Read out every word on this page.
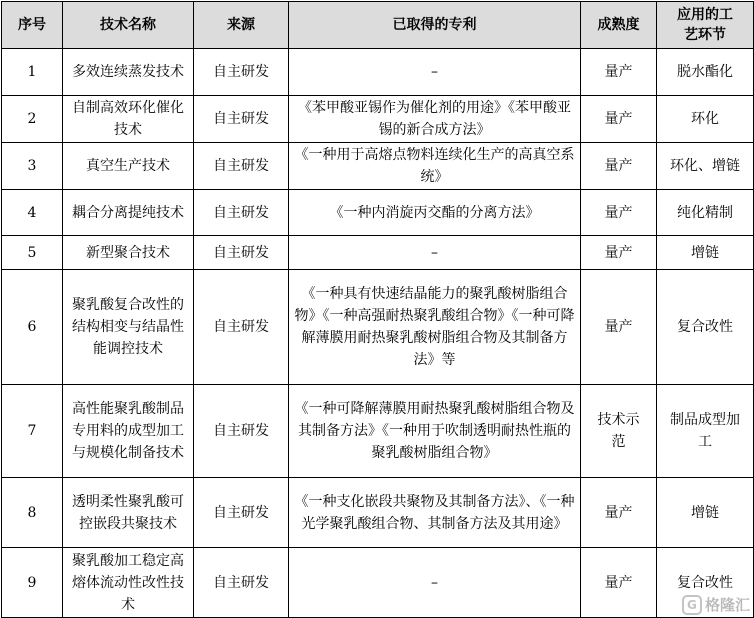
序号	技术名称	来源	已取得的专利	成熟度	应用的工艺环节
1	多效连续蒸发技术	自主研发	–	量产	脱水酯化
2	自制高效环化催化技术	自主研发	《苯甲酸亚锡作为催化剂的用途》《苯甲酸亚锡的新合成方法》	量产	环化
3	真空生产技术	自主研发	《一种用于高熔点物料连续化生产的高真空系统》	量产	环化、增链
4	耦合分离提纯技术	自主研发	《一种内消旋丙交酯的分离方法》	量产	纯化精制
5	新型聚合技术	自主研发	–	量产	增链
6	聚乳酸复合改性的结构相变与结晶性能调控技术	自主研发	《一种具有快速结晶能力的聚乳酸树脂组合物》《一种高强耐热聚乳酸组合物》《一种可降解薄膜用耐热聚乳酸树脂组合物及其制备方法》等	量产	复合改性
7	高性能聚乳酸制品专用料的成型加工与规模化制备技术	自主研发	《一种可降解薄膜用耐热聚乳酸树脂组合物及其制备方法》《一种用于吹制透明耐热性瓶的聚乳酸树脂组合物》	技术示范	制品成型加工
8	透明柔性聚乳酸可控嵌段共聚技术	自主研发	《一种支化嵌段共聚物及其制备方法》、《一种光学聚乳酸组合物、其制备方法及其用途》	量产	增链
9	聚乳酸加工稳定高熔体流动性改性技术	自主研发	–	量产	复合改性
G 格隆汇
